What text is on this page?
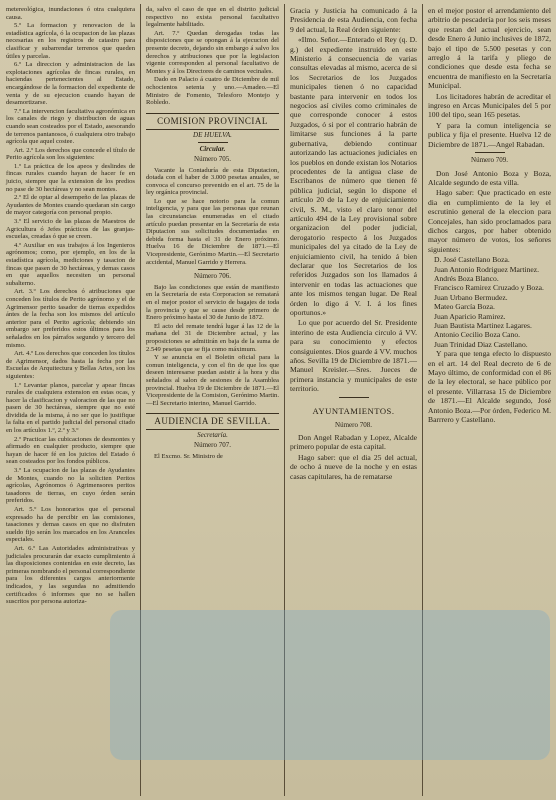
metereológica, inundaciones ó otra cualquiera causa.

5.º La formacion y renovacion de la estadística agrícola, ó la ocupacion de las plazas necesarias en los registros de catastro para clasificar y subarrendar terrenos que queden útiles y parcelas.

6.º La direccion y administracion de las explotaciones agrícolas de fincas rurales, en haciendas pertenecientes al Estado, encargándose de la formacion del expediente de venta y de su ejecucion cuando hayan de desamortizarse.

7.º La intervencion facultativa agronómica en los canales de riego y distribucion de aguas cuando sean costeados por el Estado, asesorando de terrenos pantanosos, ó cualquiera otro trabajo agrícola que aquel costee.

Art. 2.º Los derechos que concede el título de Perito agrícola son los siguientes:

1.º La práctica de los apeos y deslindes de fincas rurales cuando hayan de hacer fe en juicio, siempre que la extension de los predios no pase de 30 hectáreas y no sean montes.

2.º El de optar al desempeño de las plazas de Ayudantes de Montes cuando quedaran sin cargo de mayor categoría con personal propio.

3.º El servicio de las plazas de Maestros de Agricultura ó Jefes prácticos de las granjas-escuelas, creadas ó que se creen.

4.º Auxiliar en sus trabajos á los Ingenieros agrónomos; como, por ejemplo, en los de la estadística agrícola, mediciones y tasacion de fincas que pasen de 30 hectáreas, y demas casos en que aquellos necesiten un personal subalterno.

Art. 3.º Los derechos ó atribuciones que conceden los títulos de Perito agrónomo y el de Agrimensor perito tasador de tierras expedidos ántes de la fecha son los mismos del artículo anterior para el Perito agrícola; debiendo sin embargo ser preferidos estos últimos para los señalados en los párrafos segundo y tercero del mismo.

Art. 4.º Los derechos que conceden los títulos de Agrimensor, dados hasta la fecha por las Escuelas de Arquitectura y Bellas Artes, son los siguientes:

1.º Levantar planos, parcelar y apear fincas rurales de cualquiera extension en estas ocas, y hacer la clasificacion y valoracion de las que no pasen de 30 hectáreas, siempre que no esté dividida de la misma, á no ser que lo justifique la falta en el partido judicial del personal citado en los artículos 1.º, 2.º y 3.º

2.º Practicar las cubicaciones de desmontes y afirmado en cualquier producto, siempre que hayan de hacer fé en los juicios del Estado ó sean costeados por los fondos públicos.

3.º La ocupacion de las plazas de Ayudantes de Montes, cuando no la soliciten Peritos agrícolas, Agrónomos ó Agrimensores peritos tasadores de tierras, en cuyo órden serán preferidos.

Art. 5.º Los honorarios que el personal expresado ha de percibir en las comisiones, tasaciones y demas casos en que no disfruten sueldo fijo serán los marcados en los Aranceles especiales.

Art. 6.º Las Autoridades administrativas y judiciales procurarán dar exacto cumplimiento á las disposiciones contenidas en este decreto, las primeras nombrando el personal correspondiente para los diferentes cargos anteriormente indicados, y las segundas no admitiendo certificados ó informes que no se hallen suscritos por persona autoriza-

da, salvo el caso de que en el distrito judicial respectivo no exista personal facultativo legalmente habilitado.

Art. 7.º Quedan derogadas todas las disposiciones que se opongan á la ejecucion del presente decreto, dejando sin embargo á salvo los derechos y atribuciones que por la legislacion vigente corresponden al personal facultativo de Montes y á los Directores de caminos vecinales.

Dado en Palacio á cuatro de Diciembre de mil ochocientos setenta y uno.—Amadeo.—El Ministro de Fomento, Telesforo Montejo y Robledo.

COMISION PROVINCIAL
DE HUELVA.
Circular.
Número 705.

Vacante la Contaduría de esta Diputacion, dotada con el haber de 3.000 pesetas anuales, se convoca el concurso prevenido en el art. 75 de la ley orgánica provincial.

Lo que se hace notorio para la comun inteligencia, y para que las personas que reunan las circunstancias enumeradas en el citado artículo puedan presentar en la Secretaría de esta Diputacion sus solicitudes documentadas en debida forma hasta el 31 de Enero próximo. Huelva 16 de Diciembre de 1871.—El Vicepresidente, Gerónimo Martin.—El Secretario accidental, Manuel Garrido y Herrera.

Número 706.

Bajo las condiciones que están de manifiesto en la Secretaría de esta Corporacion se rematará en el mejor postor el servicio de bagajes de toda la provincia y que se cause desde primero de Enero próximo hasta el 30 de Junio de 1872.

El acto del remate tendrá lugar á las 12 de la mañana del 31 de Diciembre actual, y las proposiciones se admitirán en baja de la suma de 2.549 pesetas que se fija como máximum.

Y se anuncia en el Boletin oficial para la comun inteligencia, y con el fin de que los que deseen interesarse puedan asistir á la hora y dia señalados al salon de sesiones de la Asamblea provincial. Huelva 19 de Diciembre de 1871.—El Vicepresidente de la Comision, Gerónimo Martin.—El Secretario interino, Manuel Garrido.

AUDIENCIA DE SEVILLA.
Secretaría.
Número 707.

El Excmo. Sr. Ministro de

Gracia y Justicia ha comunicado á la Presidencia de esta Audiencia, con fecha 9 del actual, la Real órden siguiente:

«Ilmo. Señor.—Enterado el Rey (q. D. g.) del expediente instruido en este Ministerio á consecuencia de varias consultas elevadas al mismo, acerca de si los Secretarios de los Juzgados municipales tienen ó no capacidad bastante para intervenir en todos los negocios así civiles como criminales de que corresponde conocer á estos Juzgados, ó si por el contrario habrán de limitarse sus funciones á la parte gubernativa, debiendo continuar autorizando las actuaciones judiciales en los pueblos en donde existan los Notarios procedentes de la antigua clase de Escribanos de número que tienen fé pública judicial, según lo dispone el artículo 20 de la Ley de enjuiciamiento civil, S. M., visto el claro tenor del artículo 494 de la Ley provisional sobre organizacion del poder judicial, derogatorio respecto á los Juzgados municipales del ya citado de la Ley de enjuiciamiento civil, ha tenido á bien declarar que los Secretarios de los referidos Juzgados son los llamados á intervenir en todas las actuaciones que ante los mismos tengan lugar. De Real órden lo digo á V. I. á los fines oportunos.»

Lo que por acuerdo del Sr. Presidente interino de esta Audiencia circulo á VV. para su conocimiento y efectos consiguientes. Dios guarde á VV. muchos años. Sevilla 19 de Diciembre de 1871.—Manuel Kreisler.—Sres. Jueces de primera instancia y municipales de este territorio.

AYUNTAMIENTOS.
Número 708.

Don Angel Rabadan y Lopez, Alcalde primero popular de esta capital.

Hago saber: que el dia 25 del actual, de ocho á nueve de la noche y en estas casas capitulares, ha de rematarse

en el mejor postor el arrendamiento del arbitrio de pescadería por los seis meses que restan del actual ejercicio, sean desde Enero á Junio inclusives de 1872, bajo el tipo de 5.500 pesetas y con arreglo á la tarifa y pliego de condiciones que desde esta fecha se encuentra de manifiesto en la Secretaría Municipal.

Los licitadores habrán de acreditar el ingreso en Arcas Municipales del 5 por 100 del tipo, sean 165 pesetas.

Y para la comun inteligencia se publica y fija el presente. Huelva 12 de Diciembre de 1871.—Angel Rabadan.

Número 709.

Don José Antonio Boza y Boza, Alcalde segundo de esta villa.

Hago saber: Que practicado en este dia en cumplimiento de la ley el escrutinio general de la eleccion para Concejales, han sido proclamados para dichos cargos, por haber obtenido mayor número de votos, los señores siguientes:

D. José Castellano Boza.

Juan Antonio Rodriguez Martinez.

Andrés Boza Blanco.

Francisco Ramirez Cruzado y Boza.

Juan Urbano Bermudez.

Mateo García Boza.

Juan Aparicio Ramirez.

Juan Bautista Martinez Lagares.

Antonio Cecilio Boza Cano.

Juan Trinidad Diaz Castellano.

Y para que tenga efecto lo dispuesto en el art. 14 del Real decreto de 6 de Mayo último, de conformidad con el 86 de la ley electoral, se hace público por el presente. Villarrasa 15 de Diciembre de 1871.—El Alcalde segundo, José Antonio Boza.—Por órden, Federico M. Barrrero y Castellano.
